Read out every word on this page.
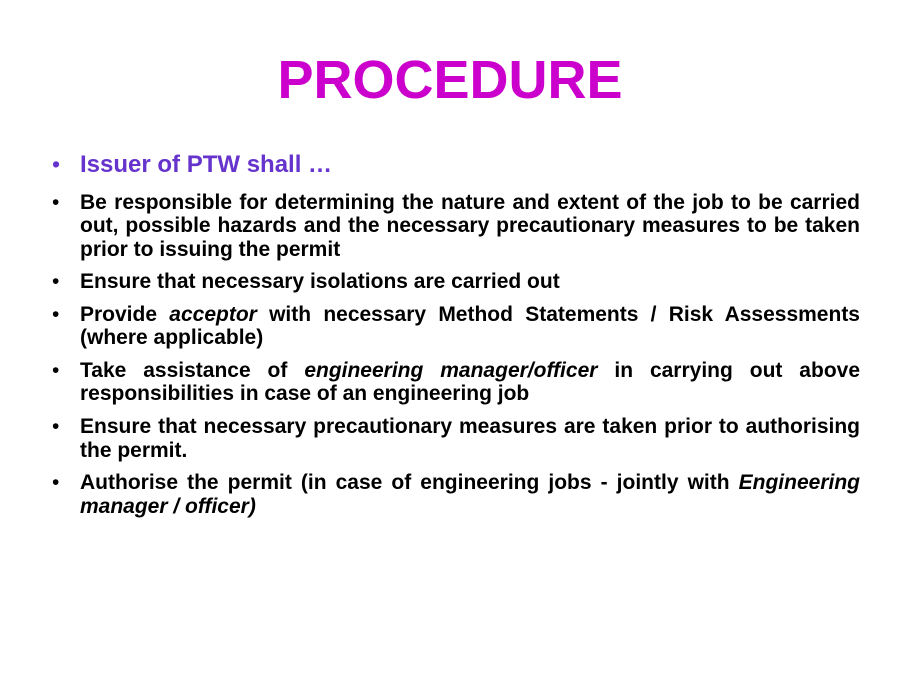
PROCEDURE
• Issuer of PTW shall …
• Be responsible for determining the nature and extent of the job to be carried out, possible hazards and the necessary precautionary measures to be taken prior to issuing the permit
• Ensure that necessary isolations are carried out
• Provide acceptor with necessary Method Statements / Risk Assessments (where applicable)
• Take assistance of engineering manager/officer in carrying out above responsibilities in case of an engineering job
• Ensure that necessary precautionary measures are taken prior to authorising the permit.
• Authorise the permit (in case of engineering jobs - jointly with Engineering manager / officer)
